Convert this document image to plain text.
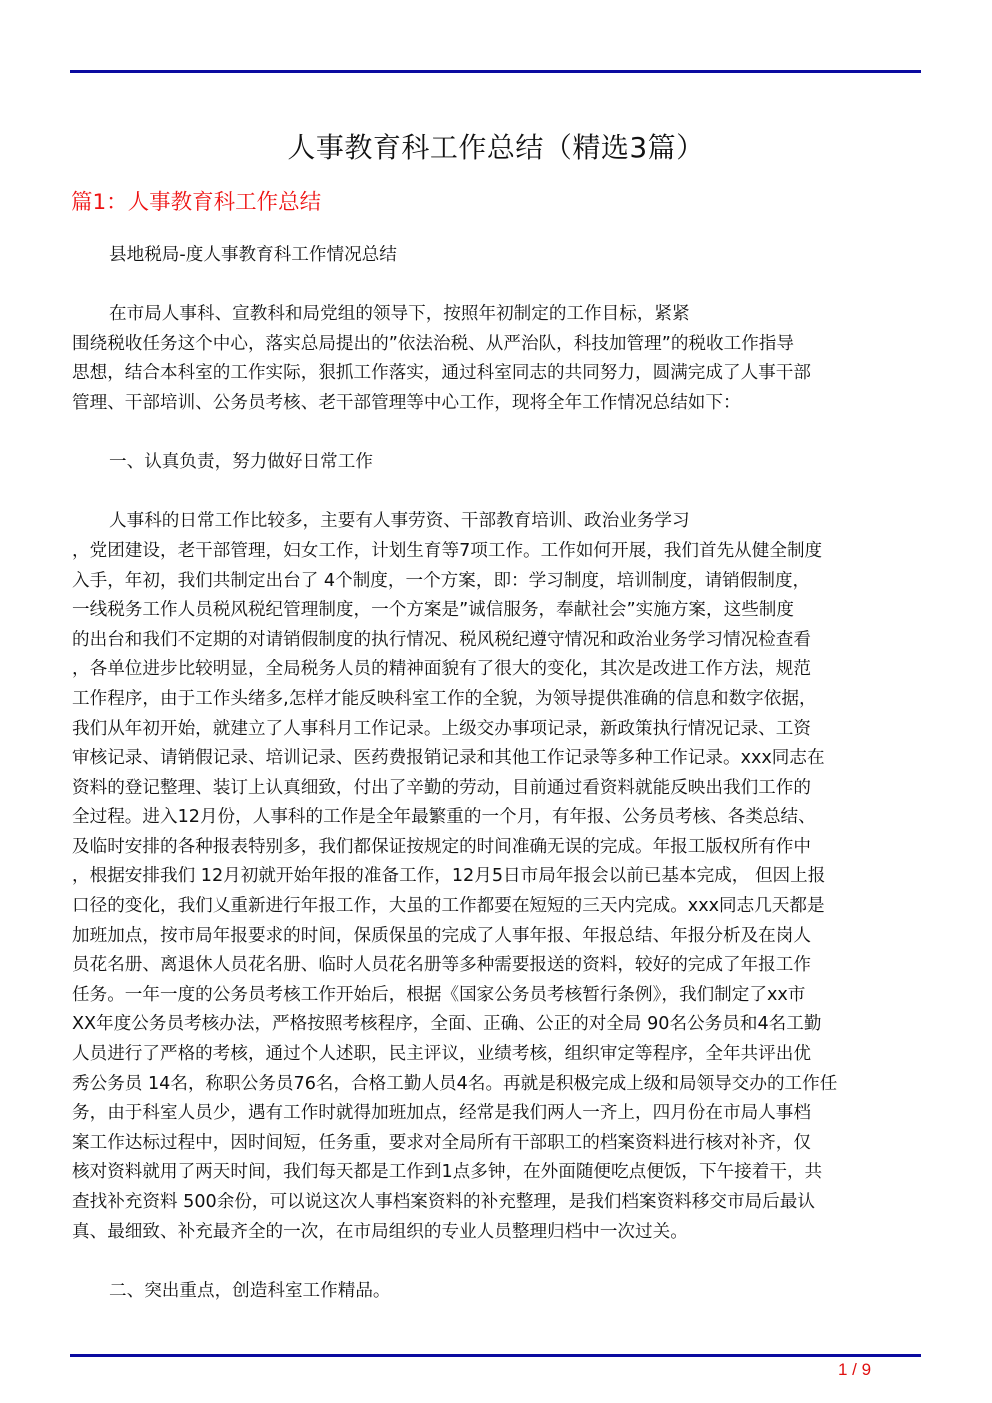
人事教育科工作总结（精选3篇）
篇1：人事教育科工作总结

县地税局-度人事教育科工作情况总结

在市局人事科、宣教科和局党组的领导下，按照年初制定的工作目标，紧紧
围绕税收任务这个中心，落实总局提出的”依法治税、从严治队，科技加管理”的税收工作指导
思想，结合本科室的工作实际，狠抓工作落实，通过科室同志的共同努力，圆满完成了人事干部
管理、干部培训、公务员考核、老干部管理等中心工作，现将全年工作情况总结如下：

一、认真负责，努力做好日常工作

人事科的日常工作比较多，主要有人事劳资、干部教育培训、政治业务学习
，党团建设，老干部管理，妇女工作，计划生育等7项工作。工作如何开展，我们首先从健全制度
入手，年初，我们共制定出台了 4个制度，一个方案，即：学习制度，培训制度，请销假制度，
一线税务工作人员税风税纪管理制度，一个方案是”诚信服务，奉献社会”实施方案，这些制度
的出台和我们不定期的对请销假制度的执行情况、税风税纪遵守情况和政治业务学习情况检查看
，各单位进步比较明显，全局税务人员的精神面貌有了很大的变化，其次是改进工作方法，规范
工作程序，由于工作头绪多,怎样才能反映科室工作的全貌，为领导提供准确的信息和数字依据，
我们从年初开始，就建立了人事科月工作记录。上级交办事项记录，新政策执行情况记录、工资
审核记录、请销假记录、培训记录、医药费报销记录和其他工作记录等多种工作记录。xxx同志在
资料的登记整理、装订上认真细致，付出了辛勤的劳动，目前通过看资料就能反映出我们工作的
全过程。进入12月份，人事科的工作是全年最繁重的一个月，有年报、公务员考核、各类总结、
及临时安排的各种报表特别多，我们都保证按规定的时间准确无误的完成。年报工版权所有作中
，根据安排我们 12月初就开始年报的准备工作，12月5日市局年报会以前已基本完成， 但因上报
口径的变化，我们乂重新进行年报工作，大虽的工作都要在短短的三天内完成。xxx同志几天都是
加班加点，按市局年报要求的时间，保质保虽的完成了人事年报、年报总结、年报分析及在岗人
员花名册、离退休人员花名册、临时人员花名册等多种需要报送的资料，较好的完成了年报工作
任务。一年一度的公务员考核工作开始后，根据《国家公务员考核暂行条例》，我们制定了xx市
XX年度公务员考核办法，严格按照考核程序，全面、正确、公正的对全局 90名公务员和4名工勤
人员进行了严格的考核，通过个人述职，民主评议，业绩考核，组织审定等程序，全年共评出优
秀公务员 14名，称职公务员76名，合格工勤人员4名。再就是积极完成上级和局领导交办的工作任
务，由于科室人员少，遇有工作时就得加班加点，经常是我们两人一齐上，四月份在市局人事档
案工作达标过程中，因时间短，任务重，要求对全局所有干部职工的档案资料进行核对补齐，仅
核对资料就用了两天时间，我们每天都是工作到1点多钟，在外面随便吃点便饭，下午接着干，共
查找补充资料 500余份，可以说这次人事档案资料的补充整理，是我们档案资料移交市局后最认
真、最细致、补充最齐全的一次，在市局组织的专业人员整理归档中一次过关。

二、突出重点，创造科室工作精品。

1 / 9
